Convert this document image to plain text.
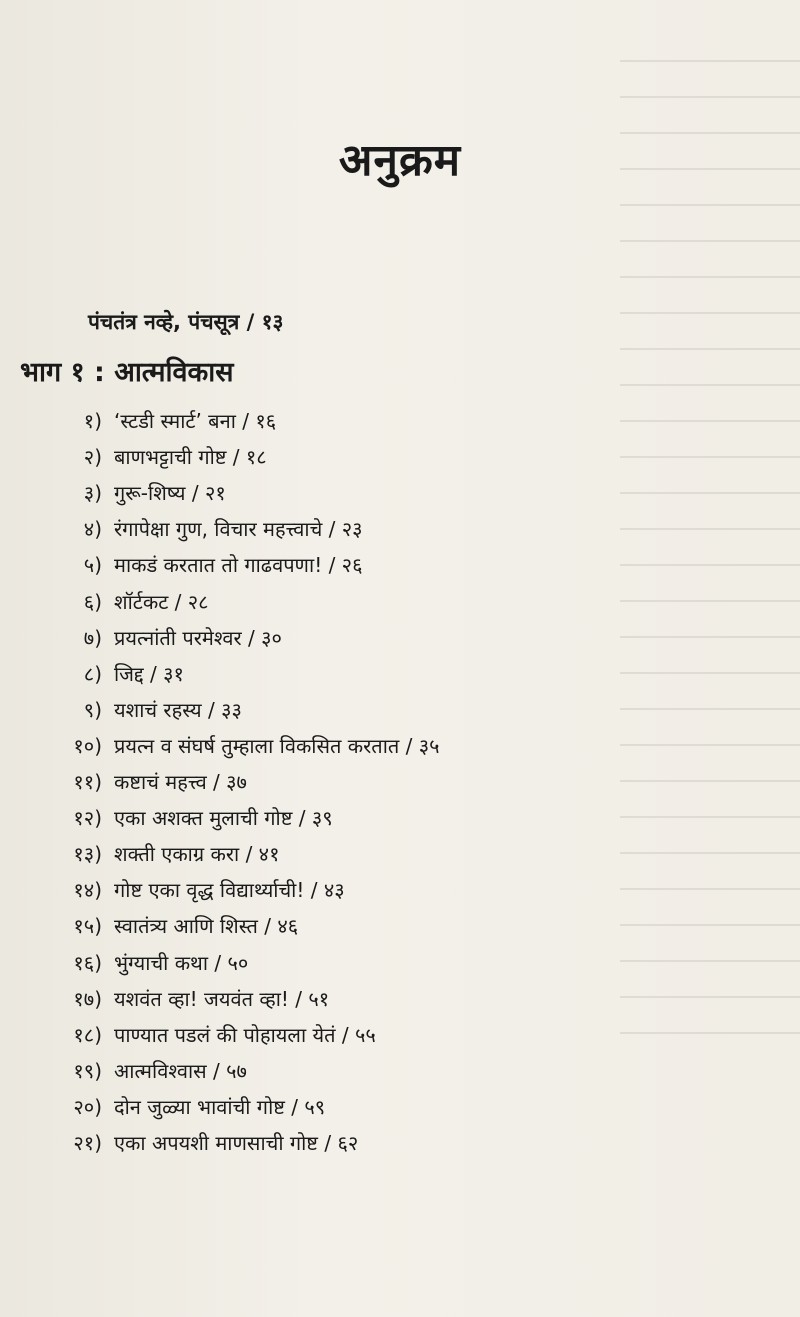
अनुक्रम
पंचतंत्र नव्हे, पंचसूत्र / १३
भाग १ : आत्मविकास
१) ‘स्टडी स्मार्ट’ बना / १६
२) बाणभट्टाची गोष्ट / १८
३) गुरू-शिष्य / २१
४) रंगापेक्षा गुण, विचार महत्त्वाचे / २३
५) माकडं करतात तो गाढवपणा! / २६
६) शॉर्टकट / २८
७) प्रयत्नांती परमेश्वर / ३०
८) जिद्द / ३१
९) यशाचं रहस्य / ३३
१०) प्रयत्न व संघर्ष तुम्हाला विकसित करतात / ३५
११) कष्टाचं महत्त्व / ३७
१२) एका अशक्त मुलाची गोष्ट / ३९
१३) शक्ती एकाग्र करा / ४१
१४) गोष्ट एका वृद्ध विद्यार्थ्याची! / ४३
१५) स्वातंत्र्य आणि शिस्त / ४६
१६) भुंग्याची कथा / ५०
१७) यशवंत व्हा! जयवंत व्हा! / ५१
१८) पाण्यात पडलं की पोहायला येतं / ५५
१९) आत्मविश्वास / ५७
२०) दोन जुळ्या भावांची गोष्ट / ५९
२१) एका अपयशी माणसाची गोष्ट / ६२
